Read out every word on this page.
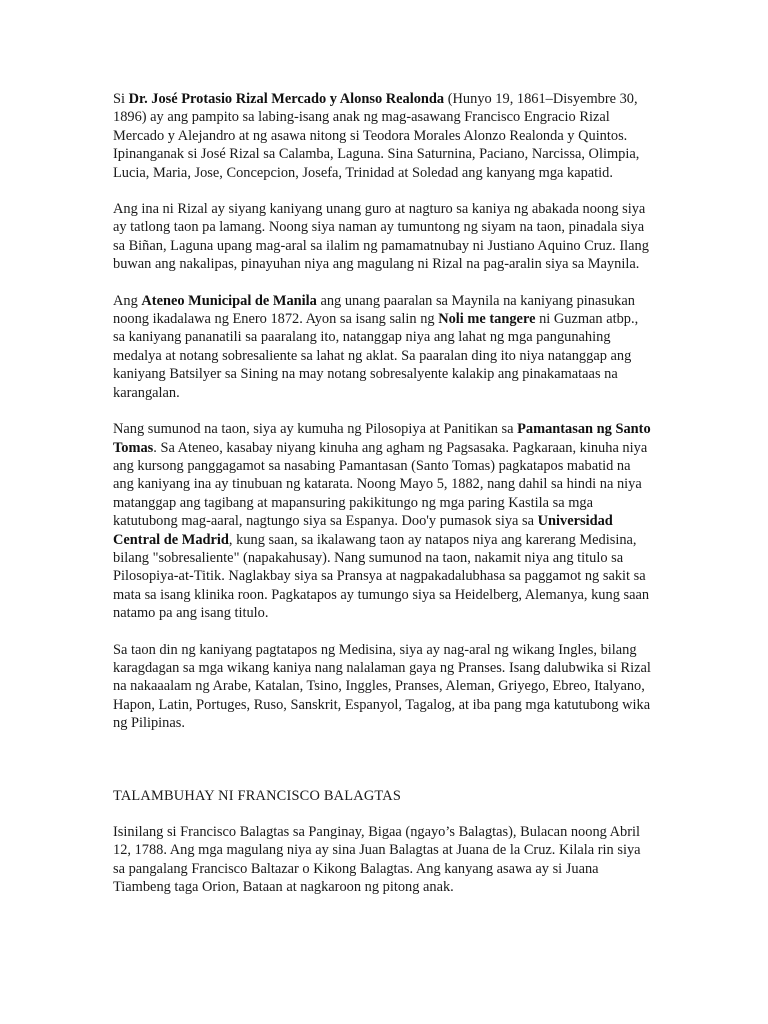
Si Dr. José Protasio Rizal Mercado y Alonso Realonda (Hunyo 19, 1861–Disyembre 30, 1896) ay ang pampito sa labing-isang anak ng mag-asawang Francisco Engracio Rizal Mercado y Alejandro at ng asawa nitong si Teodora Morales Alonzo Realonda y Quintos. Ipinanganak si José Rizal sa Calamba, Laguna. Sina Saturnina, Paciano, Narcissa, Olimpia, Lucia, Maria, Jose, Concepcion, Josefa, Trinidad at Soledad ang kanyang mga kapatid.

Ang ina ni Rizal ay siyang kaniyang unang guro at nagturo sa kaniya ng abakada noong siya ay tatlong taon pa lamang. Noong siya naman ay tumuntong ng siyam na taon, pinadala siya sa Biñan, Laguna upang mag-aral sa ilalim ng pamamatnubay ni Justiano Aquino Cruz. Ilang buwan ang nakalipas, pinayuhan niya ang magulang ni Rizal na pag-aralin siya sa Maynila.

Ang Ateneo Municipal de Manila ang unang paaralan sa Maynila na kaniyang pinasukan noong ikadalawa ng Enero 1872. Ayon sa isang salin ng Noli me tangere ni Guzman atbp., sa kaniyang pananatili sa paaralang ito, natanggap niya ang lahat ng mga pangunahing medalya at notang sobresaliente sa lahat ng aklat. Sa paaralan ding ito niya natanggap ang kaniyang Batsilyer sa Sining na may notang sobresalyente kalakip ang pinakamataas na karangalan.

Nang sumunod na taon, siya ay kumuha ng Pilosopiya at Panitikan sa Pamantasan ng Santo Tomas. Sa Ateneo, kasabay niyang kinuha ang agham ng Pagsasaka. Pagkaraan, kinuha niya ang kursong panggagamot sa nasabing Pamantasan (Santo Tomas) pagkatapos mabatid na ang kaniyang ina ay tinubuan ng katarata. Noong Mayo 5, 1882, nang dahil sa hindi na niya matanggap ang tagibang at mapansuring pakikitungo ng mga paring Kastila sa mga katutubong mag-aaral, nagtungo siya sa Espanya. Doo'y pumasok siya sa Universidad Central de Madrid, kung saan, sa ikalawang taon ay natapos niya ang karerang Medisina, bilang "sobresaliente" (napakahusay). Nang sumunod na taon, nakamit niya ang titulo sa Pilosopiya-at-Titik. Naglakbay siya sa Pransya at nagpakadalubhasa sa paggamot ng sakit sa mata sa isang klinika roon. Pagkatapos ay tumungo siya sa Heidelberg, Alemanya, kung saan natamo pa ang isang titulo.

Sa taon din ng kaniyang pagtatapos ng Medisina, siya ay nag-aral ng wikang Ingles, bilang karagdagan sa mga wikang kaniya nang nalalaman gaya ng Pranses. Isang dalubwika si Rizal na nakaaalam ng Arabe, Katalan, Tsino, Inggles, Pranses, Aleman, Griyego, Ebreo, Italyano, Hapon, Latin, Portuges, Ruso, Sanskrit, Espanyol, Tagalog, at iba pang mga katutubong wika ng Pilipinas.

TALAMBUHAY NI FRANCISCO BALAGTAS

Isinilang si Francisco Balagtas sa Panginay, Bigaa (ngayo’s Balagtas), Bulacan noong Abril 12, 1788. Ang mga magulang niya ay sina Juan Balagtas at Juana de la Cruz. Kilala rin siya sa pangalang Francisco Baltazar o Kikong Balagtas. Ang kanyang asawa ay si Juana Tiambeng taga Orion, Bataan at nagkaroon ng pitong anak.
